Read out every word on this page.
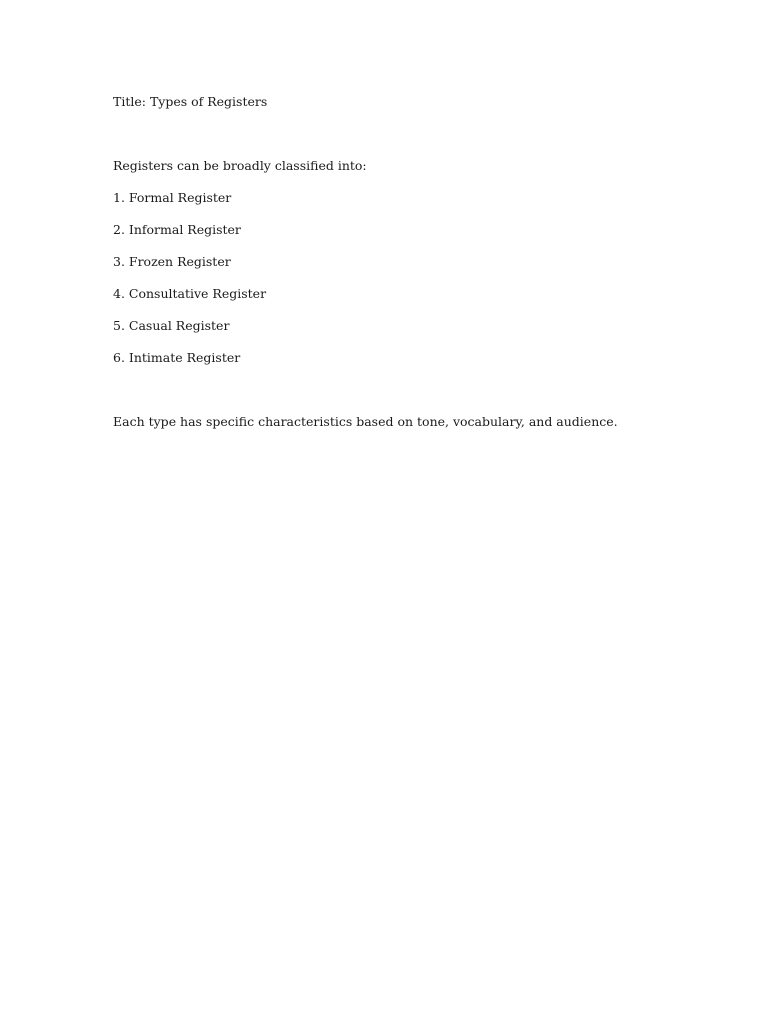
Title: Types of Registers

Registers can be broadly classified into:

1. Formal Register
2. Informal Register
3. Frozen Register
4. Consultative Register
5. Casual Register
6. Intimate Register

Each type has specific characteristics based on tone, vocabulary, and audience.
